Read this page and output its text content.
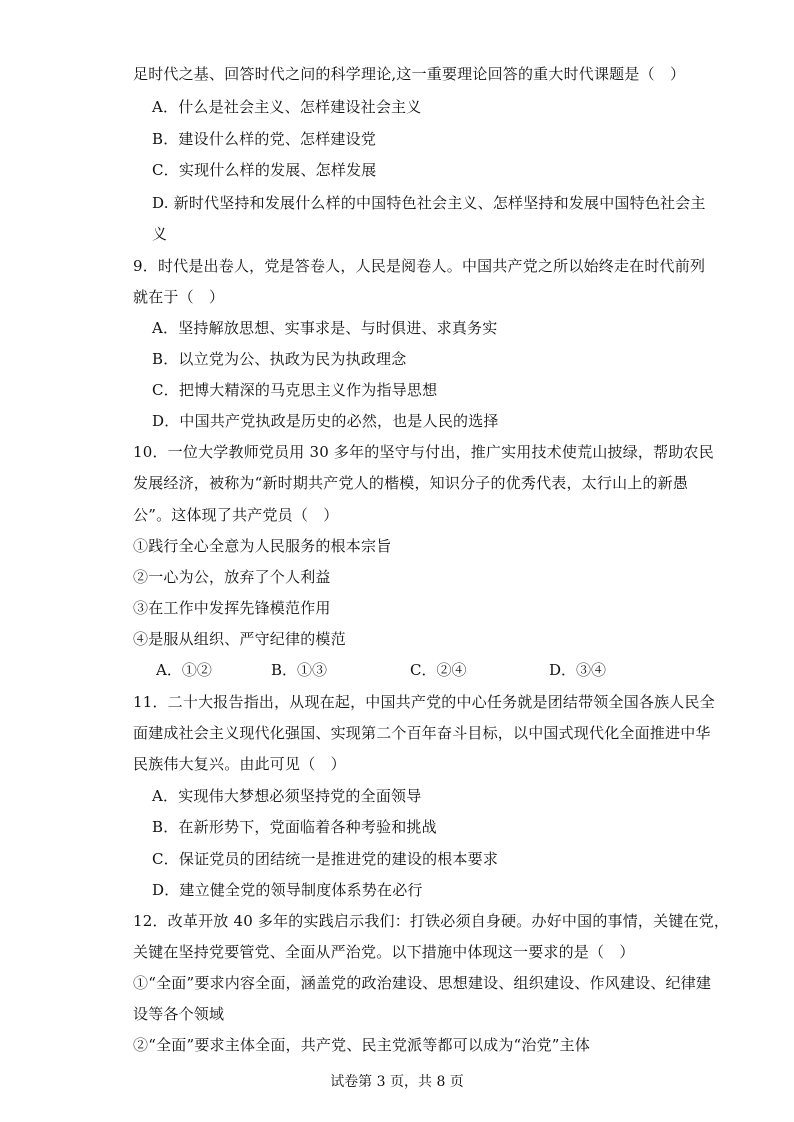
足时代之基、回答时代之问的科学理论,这一重要理论回答的重大时代课题是（　）
A．什么是社会主义、怎样建设社会主义
B．建设什么样的党、怎样建设党
C．实现什么样的发展、怎样发展
D. 新时代坚持和发展什么样的中国特色社会主义、怎样坚持和发展中国特色社会主
义
9．时代是出卷人，党是答卷人，人民是阅卷人。中国共产党之所以始终走在时代前列
就在于（　）
A．坚持解放思想、实事求是、与时俱进、求真务实
B．以立党为公、执政为民为执政理念
C．把博大精深的马克思主义作为指导思想
D．中国共产党执政是历史的必然，也是人民的选择
10．一位大学教师党员用 30 多年的坚守与付出，推广实用技术使荒山披绿，帮助农民
发展经济，被称为“新时期共产党人的楷模，知识分子的优秀代表，太行山上的新愚
公”。这体现了共产党员（　）
①践行全心全意为人民服务的根本宗旨
②一心为公，放弃了个人利益
③在工作中发挥先锋模范作用
④是服从组织、严守纪律的模范
A．①②	B．①③	C．②④	D．③④
11．二十大报告指出，从现在起，中国共产党的中心任务就是团结带领全国各族人民全
面建成社会主义现代化强国、实现第二个百年奋斗目标，以中国式现代化全面推进中华
民族伟大复兴。由此可见（　）
A．实现伟大梦想必须坚持党的全面领导
B．在新形势下，党面临着各种考验和挑战
C．保证党员的团结统一是推进党的建设的根本要求
D．建立健全党的领导制度体系势在必行
12．改革开放 40 多年的实践启示我们：打铁必须自身硬。办好中国的事情，关键在党，
关键在坚持党要管党、全面从严治党。以下措施中体现这一要求的是（　）
①“全面”要求内容全面，涵盖党的政治建设、思想建设、组织建设、作风建设、纪律建
设等各个领域
②“全面”要求主体全面，共产党、民主党派等都可以成为“治党”主体
试卷第 3 页，共 8 页
